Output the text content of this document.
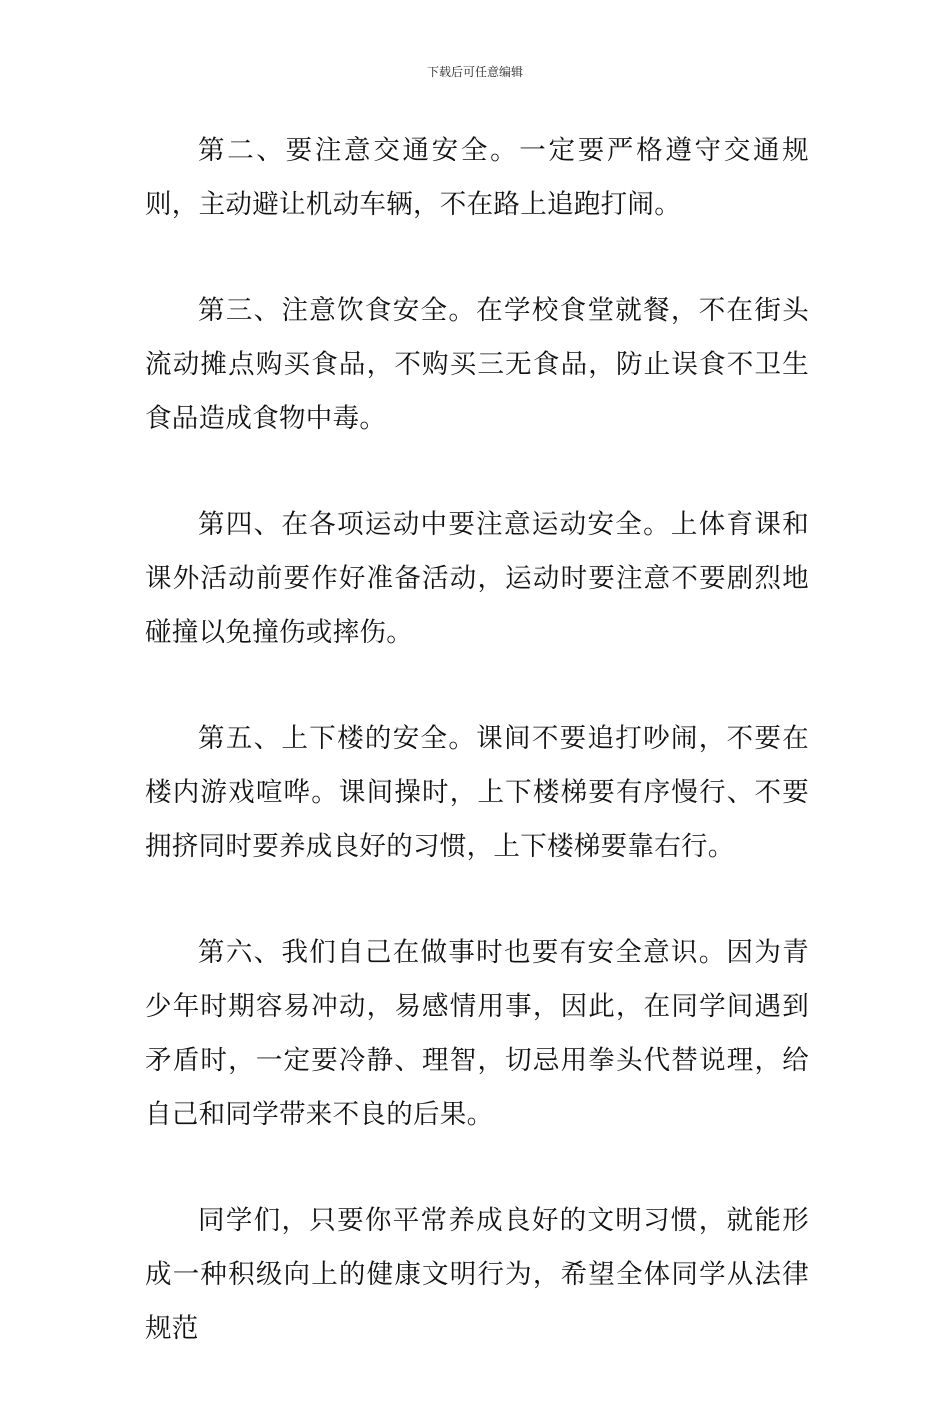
下载后可任意编辑

第二、要注意交通安全。一定要严格遵守交通规则，主动避让机动车辆，不在路上追跑打闹。

第三、注意饮食安全。在学校食堂就餐，不在街头流动摊点购买食品，不购买三无食品，防止误食不卫生食品造成食物中毒。

第四、在各项运动中要注意运动安全。上体育课和课外活动前要作好准备活动，运动时要注意不要剧烈地碰撞以免撞伤或摔伤。

第五、上下楼的安全。课间不要追打吵闹，不要在楼内游戏喧哗。课间操时，上下楼梯要有序慢行、不要拥挤同时要养成良好的习惯，上下楼梯要靠右行。

第六、我们自己在做事时也要有安全意识。因为青少年时期容易冲动，易感情用事，因此，在同学间遇到矛盾时，一定要冷静、理智，切忌用拳头代替说理，给自己和同学带来不良的后果。

同学们，只要你平常养成良好的文明习惯，就能形成一种积级向上的健康文明行为，希望全体同学从法律规范
